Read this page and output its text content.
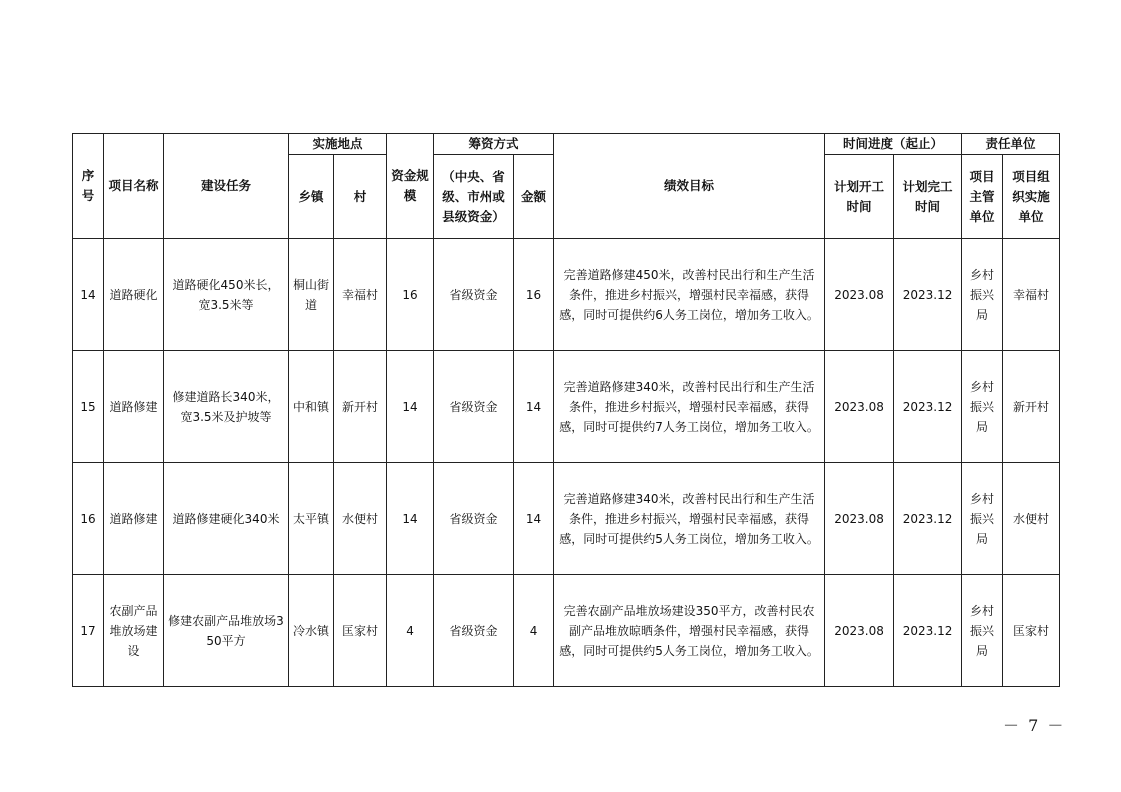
序号	项目名称	建设任务	实施地点		资金规模	筹资方式		绩效目标	时间进度（起止）		责任单位	
			乡镇	村		（中央、省级、市州或县级资金）	金额		计划开工时间	计划完工时间	项目主管单位	项目组织实施单位
14	道路硬化	道路硬化450米长，宽3.5米等	桐山街道	幸福村	16	省级资金	16	完善道路修建450米，改善村民出行和生产生活条件，推进乡村振兴，增强村民幸福感，获得感，同时可提供约6人务工岗位，增加务工收入。	2023.08	2023.12	乡村振兴局	幸福村
15	道路修建	修建道路长340米，宽3.5米及护坡等	中和镇	新开村	14	省级资金	14	完善道路修建340米，改善村民出行和生产生活条件，推进乡村振兴，增强村民幸福感，获得感，同时可提供约7人务工岗位，增加务工收入。	2023.08	2023.12	乡村振兴局	新开村
16	道路修建	道路修建硬化340米	太平镇	水便村	14	省级资金	14	完善道路修建340米，改善村民出行和生产生活条件，推进乡村振兴，增强村民幸福感，获得感，同时可提供约5人务工岗位，增加务工收入。	2023.08	2023.12	乡村振兴局	水便村
17	农副产品堆放场建设	修建农副产品堆放场350平方	冷水镇	匡家村	4	省级资金	4	完善农副产品堆放场建设350平方，改善村民农副产品堆放晾晒条件，增强村民幸福感，获得感，同时可提供约5人务工岗位，增加务工收入。	2023.08	2023.12	乡村振兴局	匡家村
－ 7 －
